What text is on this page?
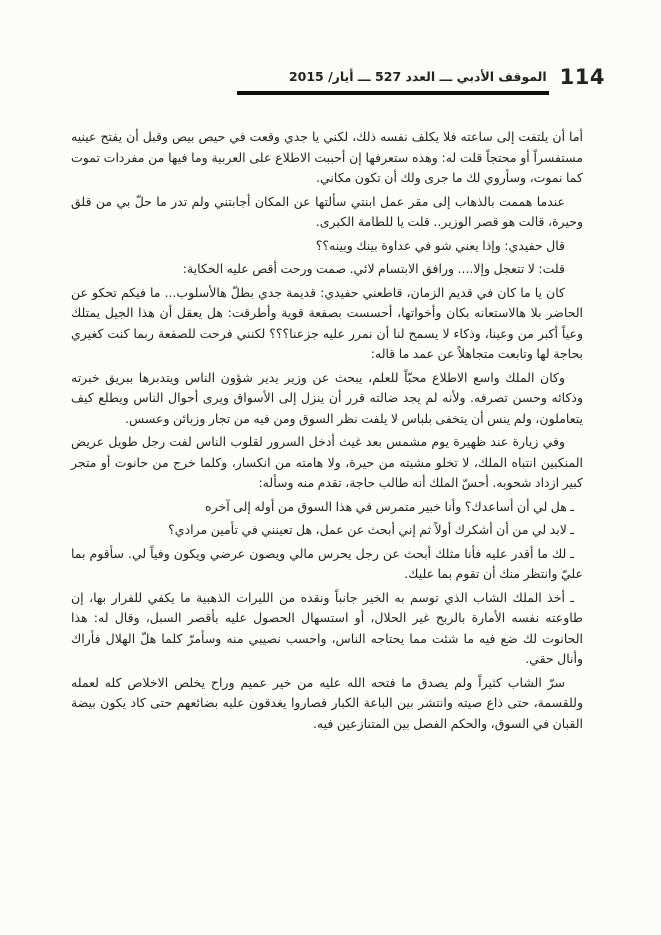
الموقف الأدبي ـــ العدد 527 ـــ أيار/ 2015 114

أما أن يلتفت إلى ساعته فلا يكلف نفسه ذلك، لكني يا جدي وقعت في حيص بيص وقبل أن يفتح عينيه مستفسراً أو محتجاً قلت له: وهذه ستعرفها إن أحببت الاطلاع على العربية وما فيها من مفردات تموت كما نموت، وسأروي لك ما جرى ولك أن تكون مكاني.

عندما هممت بالذهاب إلى مقر عمل ابنتي سألتها عن المكان أجابتني ولم تدر ما حلّ بي من قلق وحيرة، قالت هو قصر الوزير.. قلت يا للطامة الكبرى.

قال حفيدي: وإذا يعني شو في عداوة بينك وبينه؟؟

قلت: لا تتعجل وإلا.... ورافق الابتسام لائي. صمت ورحت أقص عليه الحكاية:

كان يا ما كان في قديم الزمان، قاطعني حفيدي: قديمة جدي بطلّ هالأسلوب... ما فيكم تحكو عن الحاضر بلا هالاستعانه بكان وأخواتها، أحسست بصفعة قوية وأطرقت: هل يعقل أن هذا الجيل يمتلك وعياً أكبر من وعينا، وذكاء لا يسمح لنا أن نمرر عليه جزعنا؟؟؟ لكنني فرحت للصفعة ربما كنت كغيري بحاجة لها وتابعت متجاهلاً عن عمد ما قاله:

وكان الملك واسع الاطلاع محبّاً للعلم، يبحث عن وزير يدير شؤون الناس ويتدبرها ببريق خبرته وذكائه وحسن تصرفه. ولأنه لم يجد ضالته قرر أن ينزل إلى الأسواق ويرى أحوال الناس ويطلع كيف يتعاملون، ولم ينس أن يتخفى بلباس لا يلفت نظر السوق ومن فيه من تجار وزبائن وعسس.

وفي زيارة عند ظهيرة يوم مشمس بعد غيث أدخل السرور لقلوب الناس لفت رجل طويل عريض المنكبين انتباه الملك، لا تخلو مشيته من حيرة، ولا هامته من انكسار، وكلما خرج من حانوت أو متجر كبير ازداد شحوبه. أحسّ الملك أنه طالب حاجة، تقدم منه وسأله:

ـ هل لي أن أساعدك؟ وأنا خبير متمرس في هذا السوق من أوله إلى آخره

ـ لابد لي من أن أشكرك أولاً ثم إني أبحث عن عمل، هل تعينني في تأمين مرادي؟

ـ لك ما أقدر عليه فأنا مثلك أبحث عن رجل يحرس مالي ويصون عرضي ويكون وفياً لي. سأقوم بما عليّ وانتظر منك أن تقوم بما عليك.

ـ أخذ الملك الشاب الذي توسم به الخير جانباً ونقده من الليرات الذهبية ما يكفي للفرار بها، إن طاوعته نفسه الأمارة بالربح غير الحلال، أو استسهال الحصول عليه بأقصر السبل، وقال له: هذا الحانوت لك ضع فيه ما شئت مما يحتاجه الناس، واحسب نصيبي منه وسأمرّ كلما هلّ الهلال فأراك وأنال حقي.

سرّ الشاب كثيراً ولم يصدق ما فتحه الله عليه من خير عميم وراح يخلص الاخلاص كله لعمله وللقسمة، حتى ذاع صيته وانتشر بين الباعة الكبار فصاروا يغدقون عليه بضائعهم حتى كاد يكون بيضة القبان في السوق، والحكم الفصل بين المتنازعين فيه.
